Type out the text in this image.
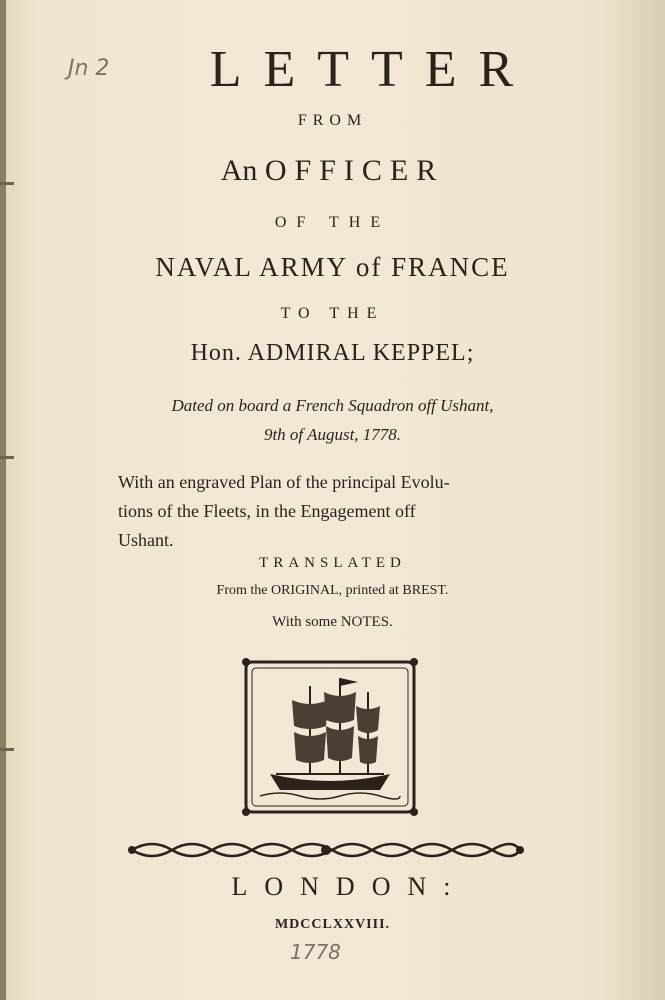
Jn 2	LETTER
FROM
An OFFICER
OF THE
NAVAL ARMY of FRANCE
TO THE
Hon. ADMIRAL KEPPEL;
Dated on board a French Squadron off Ushant,
9th of August, 1778.
With an engraved Plan of the principal Evolu-
tions of the Fleets, in the Engagement off
Ushant.
TRANSLATED
From the ORIGINAL, printed at BREST.
With some NOTES.
LONDON:
MDCCLXXVIII.
1778
